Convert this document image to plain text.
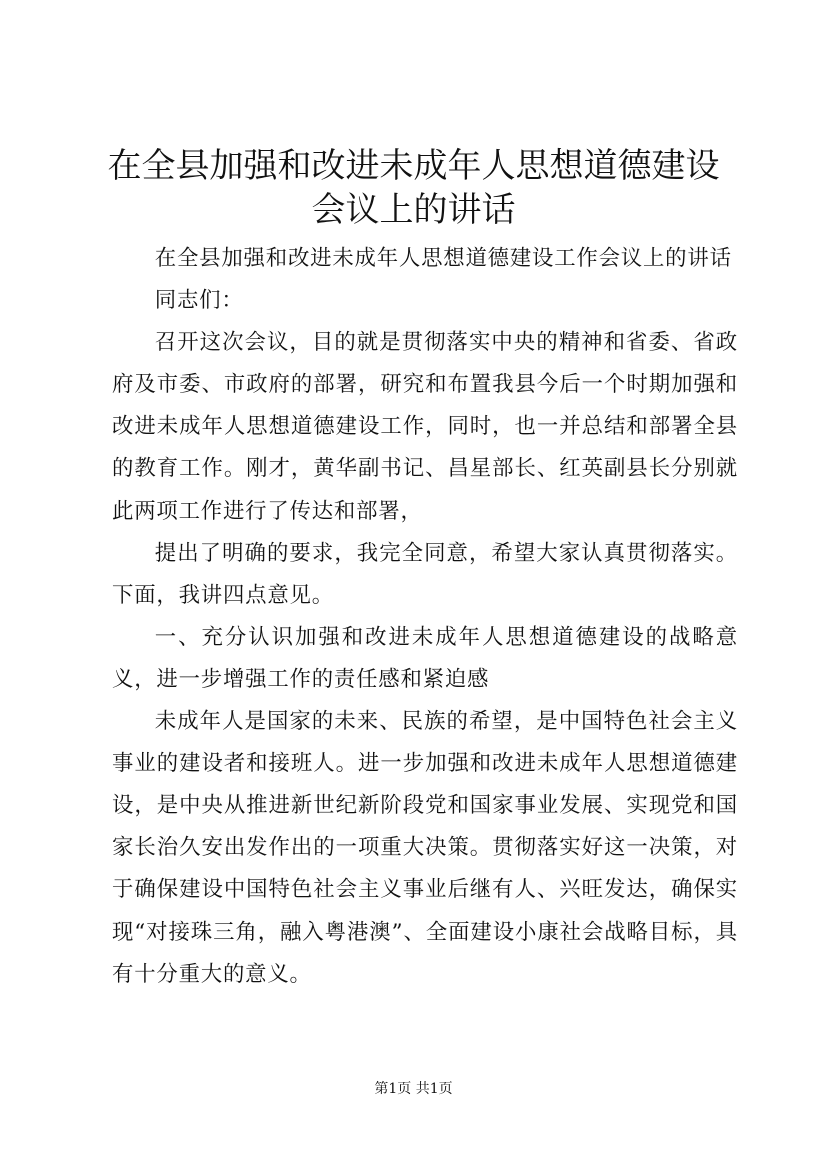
在全县加强和改进未成年人思想道德建设会议上的讲话

在全县加强和改进未成年人思想道德建设工作会议上的讲话

同志们：

召开这次会议，目的就是贯彻落实中央的精神和省委、省政府及市委、市政府的部署，研究和布置我县今后一个时期加强和改进未成年人思想道德建设工作，同时，也一并总结和部署全县的教育工作。刚才，黄华副书记、昌星部长、红英副县长分别就此两项工作进行了传达和部署，

提出了明确的要求，我完全同意，希望大家认真贯彻落实。下面，我讲四点意见。

一、充分认识加强和改进未成年人思想道德建设的战略意义，进一步增强工作的责任感和紧迫感

未成年人是国家的未来、民族的希望，是中国特色社会主义事业的建设者和接班人。进一步加强和改进未成年人思想道德建设，是中央从推进新世纪新阶段党和国家事业发展、实现党和国家长治久安出发作出的一项重大决策。贯彻落实好这一决策，对于确保建设中国特色社会主义事业后继有人、兴旺发达，确保实现“对接珠三角，融入粤港澳”、全面建设小康社会战略目标，具有十分重大的意义。

第1页 共1页
